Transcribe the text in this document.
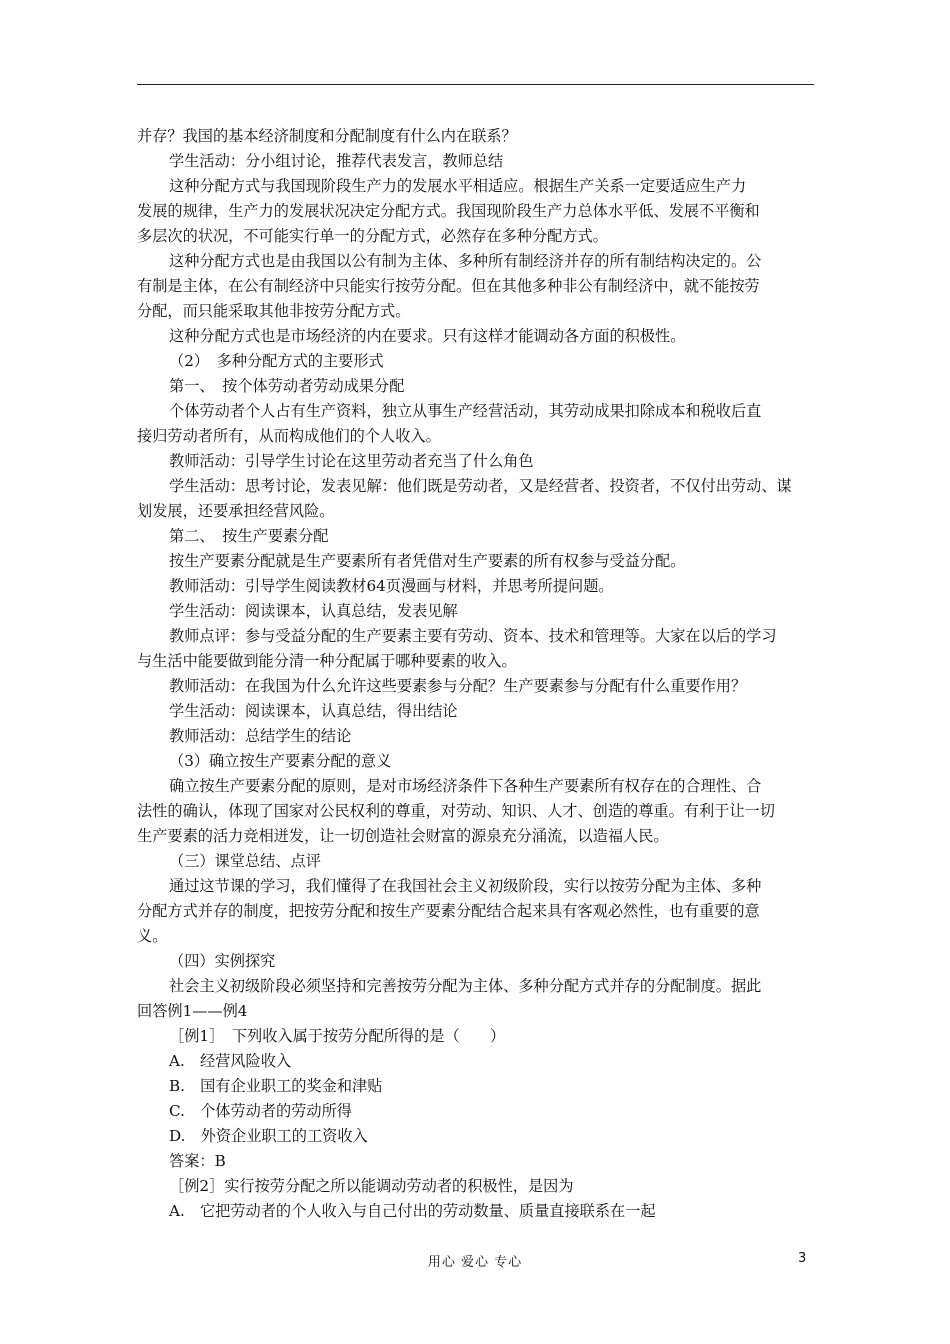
并存？我国的基本经济制度和分配制度有什么内在联系？
学生活动：分小组讨论，推荐代表发言，教师总结
这种分配方式与我国现阶段生产力的发展水平相适应。根据生产关系一定要适应生产力
发展的规律，生产力的发展状况决定分配方式。我国现阶段生产力总体水平低、发展不平衡和
多层次的状况，不可能实行单一的分配方式，必然存在多种分配方式。
这种分配方式也是由我国以公有制为主体、多种所有制经济并存的所有制结构决定的。公
有制是主体，在公有制经济中只能实行按劳分配。但在其他多种非公有制经济中，就不能按劳
分配，而只能采取其他非按劳分配方式。
这种分配方式也是市场经济的内在要求。只有这样才能调动各方面的积极性。
（2）　多种分配方式的主要形式
第一、　按个体劳动者劳动成果分配
个体劳动者个人占有生产资料，独立从事生产经营活动，其劳动成果扣除成本和税收后直
接归劳动者所有，从而构成他们的个人收入。
教师活动：引导学生讨论在这里劳动者充当了什么角色
学生活动：思考讨论，发表见解：他们既是劳动者，又是经营者、投资者，不仅付出劳动、谋
划发展，还要承担经营风险。
第二、　按生产要素分配
按生产要素分配就是生产要素所有者凭借对生产要素的所有权参与受益分配。
教师活动：引导学生阅读教材64页漫画与材料，并思考所提问题。
学生活动：阅读课本，认真总结，发表见解
教师点评：参与受益分配的生产要素主要有劳动、资本、技术和管理等。大家在以后的学习
与生活中能要做到能分清一种分配属于哪种要素的收入。
教师活动：在我国为什么允许这些要素参与分配？生产要素参与分配有什么重要作用？
学生活动：阅读课本，认真总结，得出结论
教师活动：总结学生的结论
（3）确立按生产要素分配的意义
确立按生产要素分配的原则，是对市场经济条件下各种生产要素所有权存在的合理性、合
法性的确认，体现了国家对公民权利的尊重，对劳动、知识、人才、创造的尊重。有利于让一切
生产要素的活力竞相迸发，让一切创造社会财富的源泉充分涌流，以造福人民。
（三）课堂总结、点评
通过这节课的学习，我们懂得了在我国社会主义初级阶段，实行以按劳分配为主体、多种
分配方式并存的制度，把按劳分配和按生产要素分配结合起来具有客观必然性，也有重要的意
义。
（四）实例探究
社会主义初级阶段必须坚持和完善按劳分配为主体、多种分配方式并存的分配制度。据此
回答例1——例4
［例1］　下列收入属于按劳分配所得的是（　　）
A.　经营风险收入
B.　国有企业职工的奖金和津贴
C.　个体劳动者的劳动所得
D.　外资企业职工的工资收入
答案：B
［例2］实行按劳分配之所以能调动劳动者的积极性，是因为
A.　它把劳动者的个人收入与自己付出的劳动数量、质量直接联系在一起
用心 爱心 专心	3
